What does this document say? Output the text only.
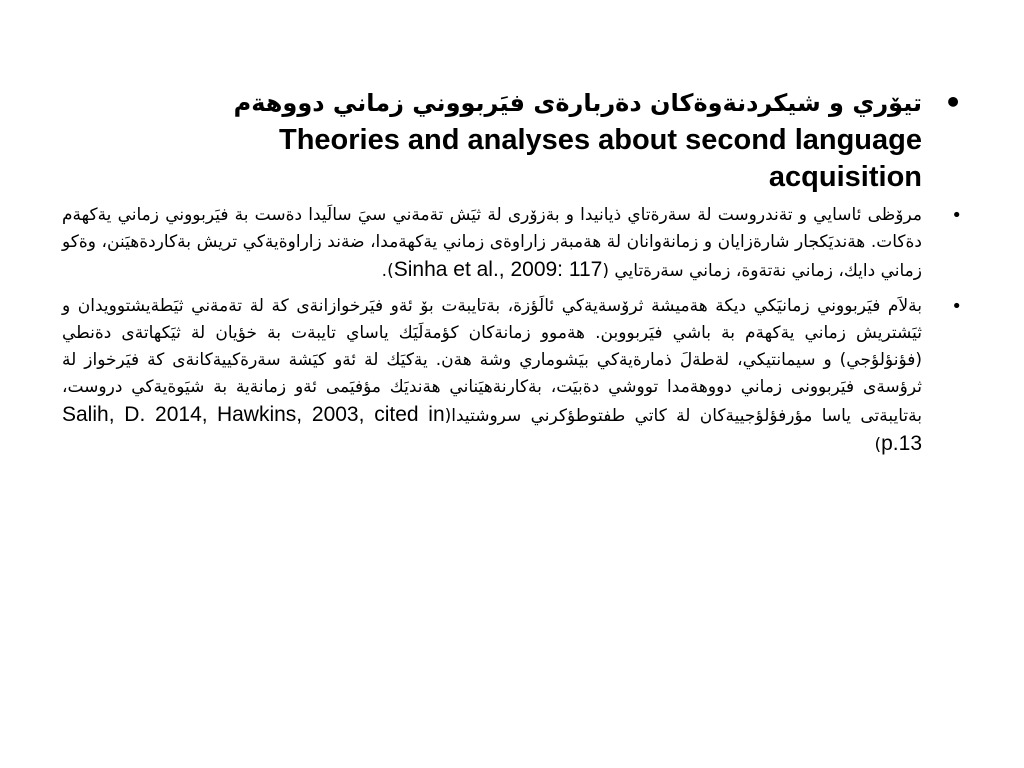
•
تيۆري و شيكردنةوةكان دةربارةى فيَربووني زماني دووهةم
Theories and analyses about second language
acquisition
•
مرۆظى ئاسايي و تةندروست لة سةرةتاي ذيانيدا و بةزۆرى لة ثيَش تةمةني سيَ سالَيدا دةست بة فيَربووني زماني يةكهةم دةكات. هةنديَكجار شارةزايان و زمانةوانان لة هةمبةر زاراوةى زماني يةكهةمدا، ضةند زاراوةيةكي تريش بةكاردةهيَنن، وةكو زماني دايك، زماني نةتةوة، زماني سةرةتايي (Sinha et al., 2009: 117).
•
بةلاَم فيَربووني زمانيَكي ديكة هةميشة ثرۆسةيةكي ئالَؤزة، بةتايبةت بۆ ئةو فيَرخوازانةى كة لة تةمةني ثيَطةيشتوويدان و ثيَشتريش زماني يةكهةم بة باشي فيَربووبن. هةموو زمانةكان كؤمةلَيَك ياساي تايبةت بة خؤيان لة ثيَكهاتةى دةنطي (فؤنؤلؤجي) و سيمانتيكي، لةطةلَ ذمارةيةكي بيَشوماري وشة هةن. يةكيَك لة ئةو كيَشة سةرةكييةكانةى كة فيَرخواز لة ثرؤسةى فيَربوونى زماني دووهةمدا تووشي دةبيَت، بةكارنةهيَناني هةنديَك مؤفيَمى ئةو زمانةية بة شيَوةيةكي دروست، بةتايبةتى ياسا مؤرفؤلؤجييةكان لة كاتي طفتوطؤكرني سروشتيدا(Hawkins, 2003, cited in Salih, D. 2014, p.13)
